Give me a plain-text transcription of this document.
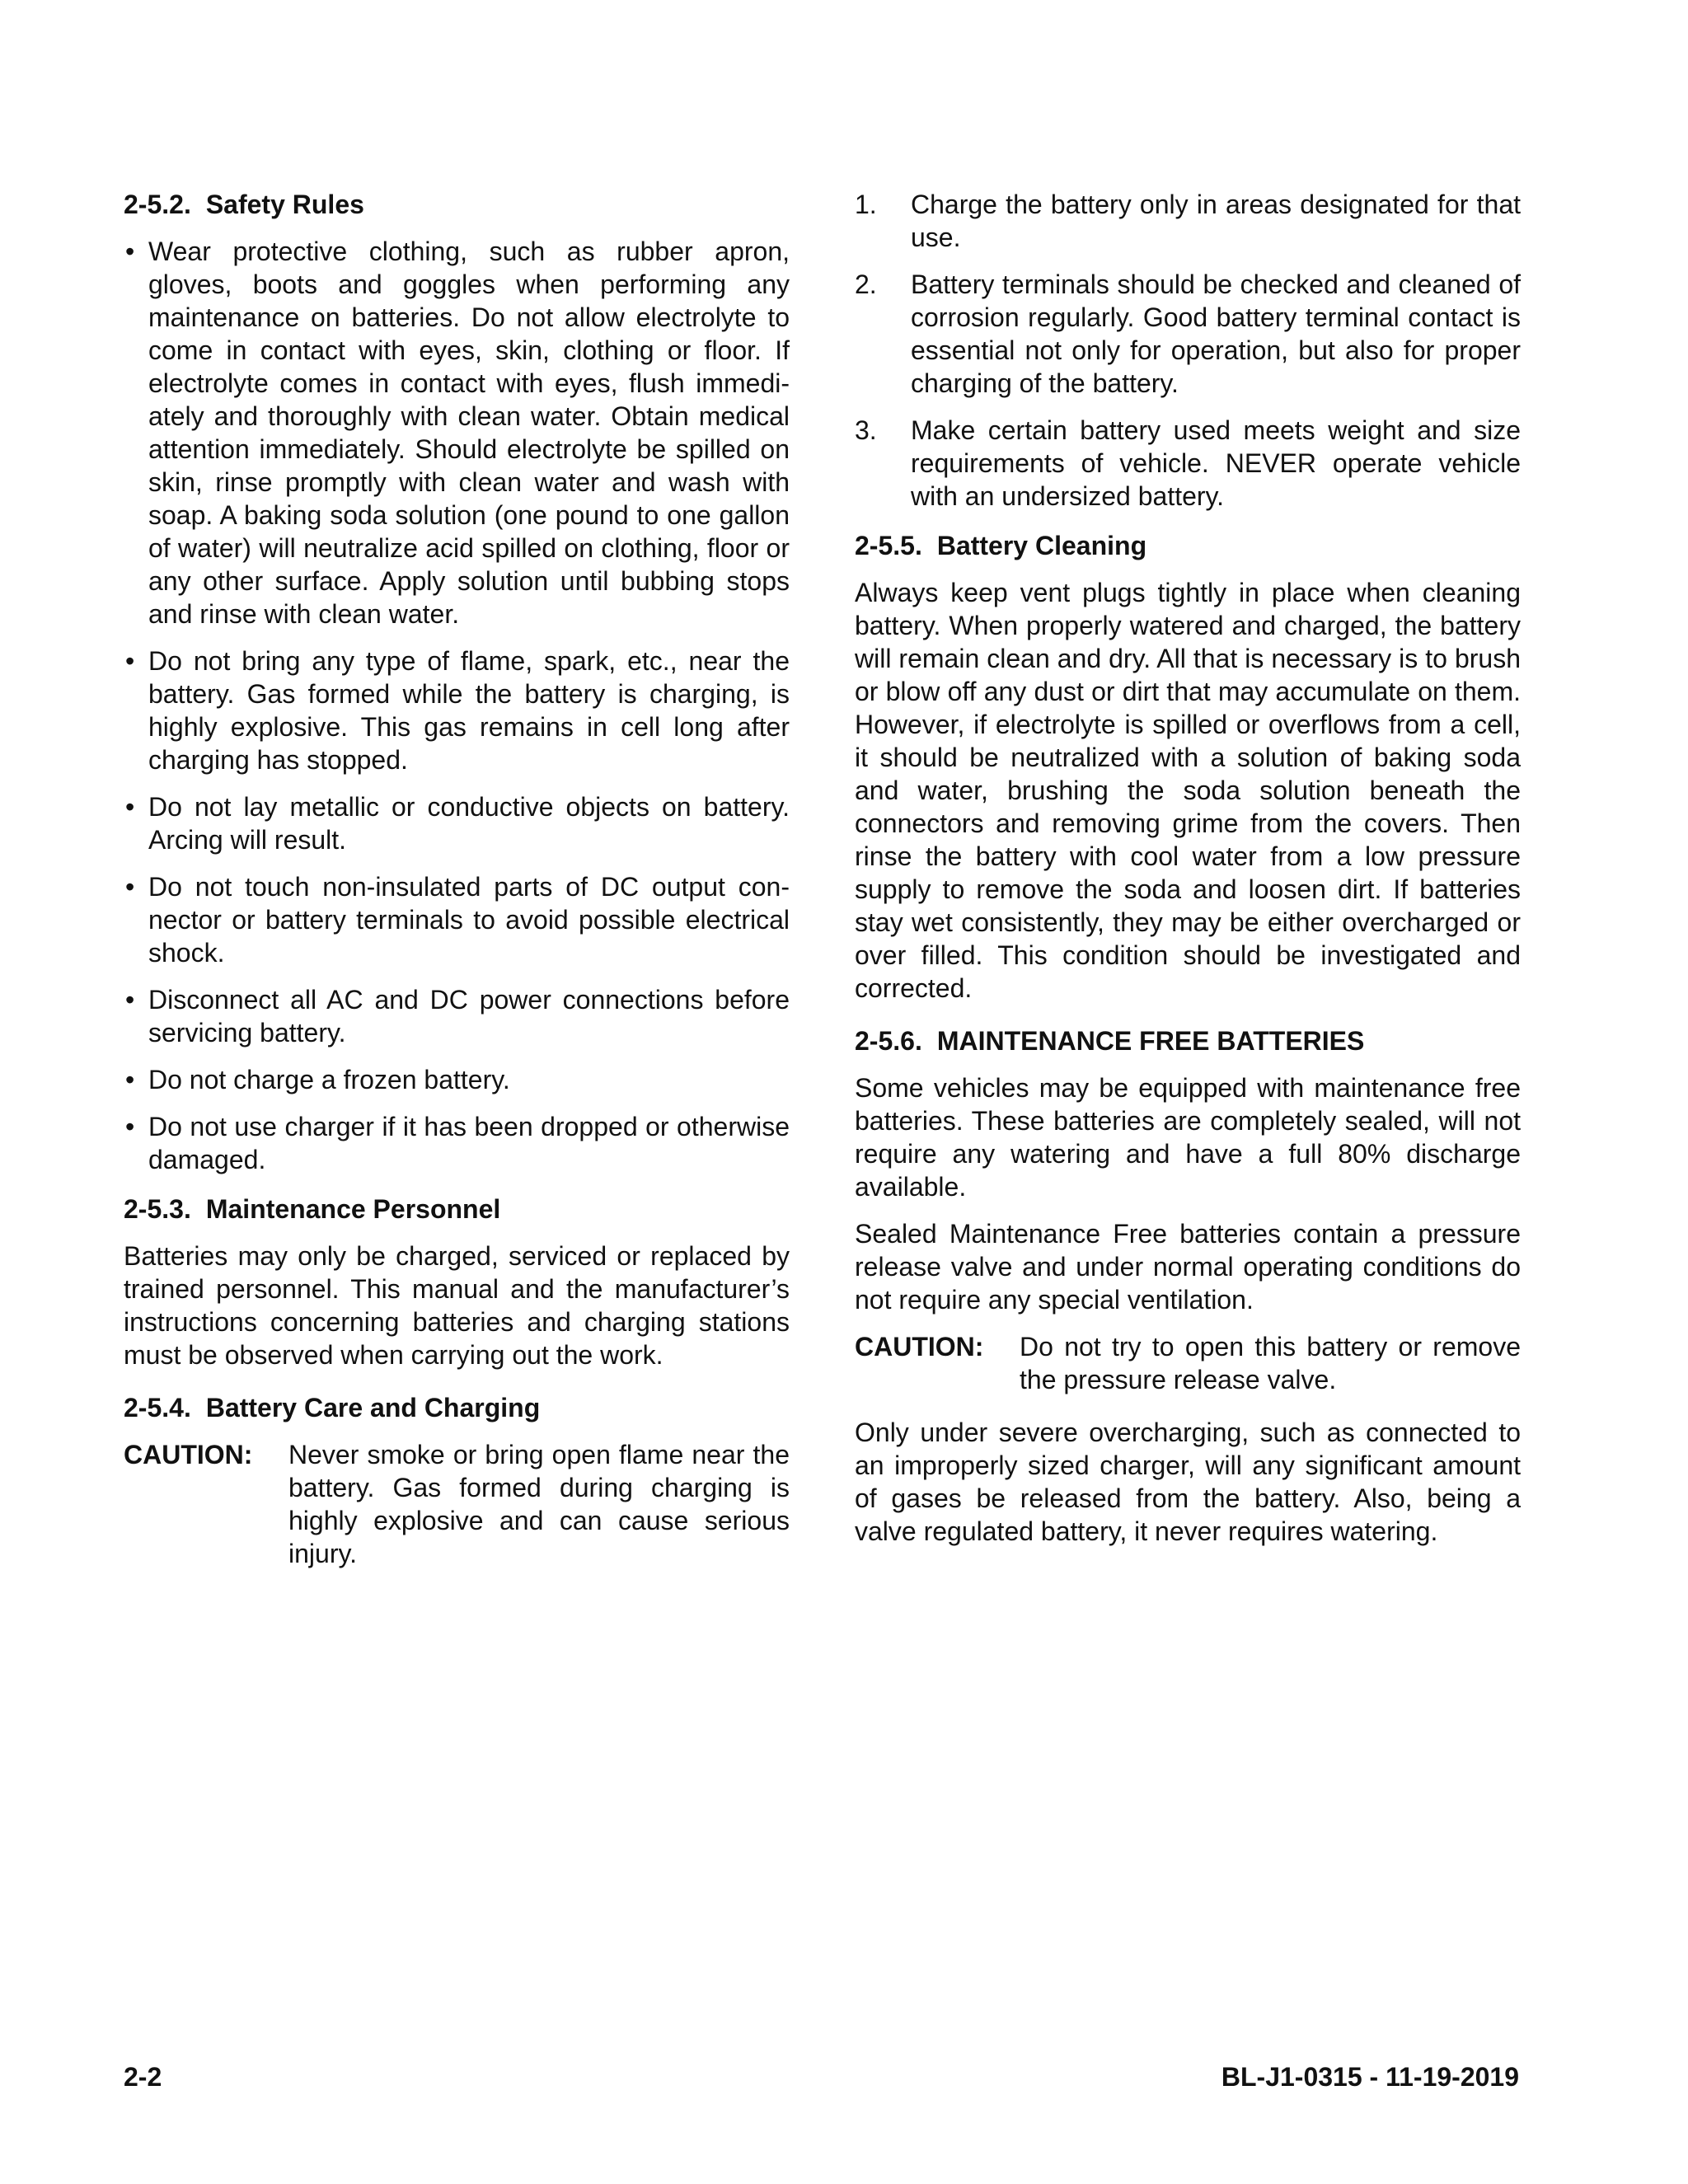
2-5.2. Safety Rules
• Wear protective clothing, such as rubber apron, gloves, boots and goggles when performing any maintenance on batteries. Do not allow electrolyte to come in contact with eyes, skin, clothing or floor. If electrolyte comes in contact with eyes, flush immediately and thoroughly with clean water. Obtain medical attention immediately. Should electrolyte be spilled on skin, rinse promptly with clean water and wash with soap. A baking soda solution (one pound to one gallon of water) will neutralize acid spilled on clothing, floor or any other surface. Apply solution until bubbing stops and rinse with clean water.
• Do not bring any type of flame, spark, etc., near the battery. Gas formed while the battery is charging, is highly explosive. This gas remains in cell long after charging has stopped.
• Do not lay metallic or conductive objects on battery. Arcing will result.
• Do not touch non-insulated parts of DC output connector or battery terminals to avoid possible electrical shock.
• Disconnect all AC and DC power connections before servicing battery.
• Do not charge a frozen battery.
• Do not use charger if it has been dropped or otherwise damaged.
2-5.3. Maintenance Personnel

Batteries may only be charged, serviced or replaced by trained personnel. This manual and the manufacturer’s instructions concerning batteries and charging stations must be observed when carrying out the work.

2-5.4. Battery Care and Charging
CAUTION:	Never smoke or bring open flame near the battery. Gas formed during charging is highly explosive and can cause serious injury.
1.	Charge the battery only in areas designated for that use.
2.	Battery terminals should be checked and cleaned of corrosion regularly. Good battery terminal contact is essential not only for operation, but also for proper charging of the battery.
3.	Make certain battery used meets weight and size requirements of vehicle. NEVER operate vehicle with an undersized battery.
2-5.5. Battery Cleaning

Always keep vent plugs tightly in place when cleaning battery. When properly watered and charged, the battery will remain clean and dry. All that is necessary is to brush or blow off any dust or dirt that may accumulate on them. However, if electrolyte is spilled or overflows from a cell, it should be neutralized with a solution of baking soda and water, brushing the soda solution beneath the connectors and removing grime from the covers. Then rinse the battery with cool water from a low pressure supply to remove the soda and loosen dirt. If batteries stay wet consistently, they may be either overcharged or over filled. This condition should be investigated and corrected.

2-5.6. MAINTENANCE FREE BATTERIES

Some vehicles may be equipped with maintenance free batteries. These batteries are completely sealed, will not require any watering and have a full 80% discharge available.

Sealed Maintenance Free batteries contain a pressure release valve and under normal operating conditions do not require any special ventilation.

CAUTION:	Do not try to open this battery or remove the pressure release valve.

Only under severe overcharging, such as connected to an improperly sized charger, will any significant amount of gases be released from the battery. Also, being a valve regulated battery, it never requires watering.

2-2	BL-J1-0315 - 11-19-2019
